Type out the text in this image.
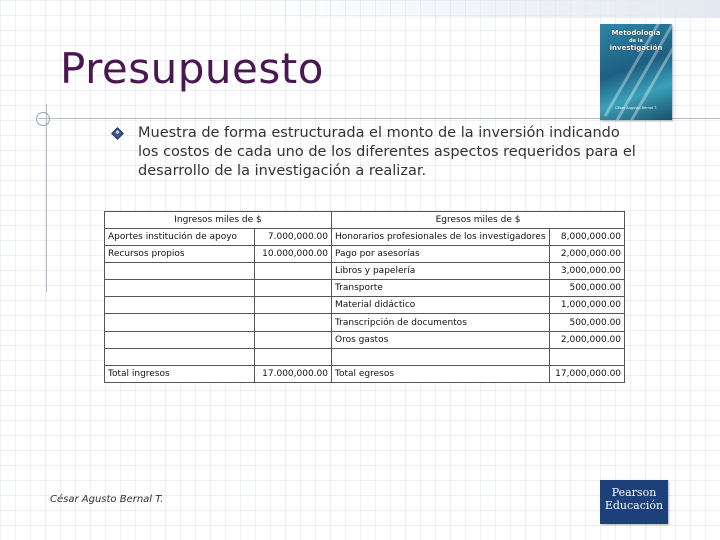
Presupuesto
Metodología
de la
investigación
César Augusto Bernal T.

Muestra de forma estructurada el monto de la inversión indicando los costos de cada uno de los diferentes aspectos requeridos para el desarrollo de la investigación a realizar.

Ingresos miles de $		Egresos miles de $	
Aportes institución de apoyo	7.000,000.00	Honorarios profesionales de los investigadores	8,000,000.00
Recursos propios	10.000,000.00	Pago por asesorías	2,000,000.00
		Libros y papelería	3,000,000.00
		Transporte	500,000.00
		Material didáctico	1,000,000.00
		Transcripción de documentos	500,000.00
		Oros gastos	2,000,000.00

Total ingresos	17.000,000.00	Total egresos	17,000,000.00
César Agusto Bernal T.
Pearson
Educación
